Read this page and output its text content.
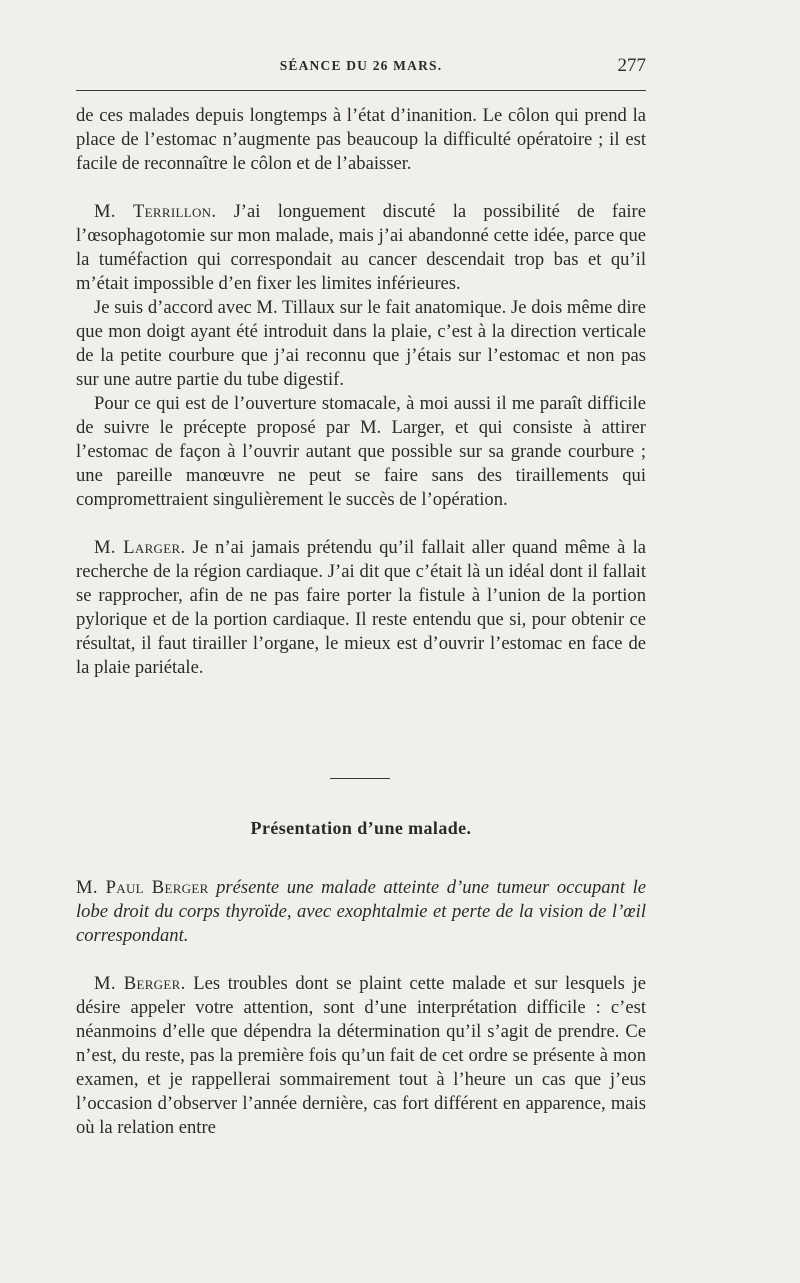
SÉANCE DU 26 MARS.	277

de ces malades depuis longtemps à l’état d’inanition. Le côlon qui prend la place de l’estomac n’augmente pas beaucoup la difficulté opératoire ; il est facile de reconnaître le côlon et de l’abaisser.

M. Terrillon. J’ai longuement discuté la possibilité de faire l’œsophagotomie sur mon malade, mais j’ai abandonné cette idée, parce que la tuméfaction qui correspondait au cancer descendait trop bas et qu’il m’était impossible d’en fixer les limites inférieures.

Je suis d’accord avec M. Tillaux sur le fait anatomique. Je dois même dire que mon doigt ayant été introduit dans la plaie, c’est à la direction verticale de la petite courbure que j’ai reconnu que j’étais sur l’estomac et non pas sur une autre partie du tube digestif.

Pour ce qui est de l’ouverture stomacale, à moi aussi il me paraît difficile de suivre le précepte proposé par M. Larger, et qui consiste à attirer l’estomac de façon à l’ouvrir autant que possible sur sa grande courbure ; une pareille manœuvre ne peut se faire sans des tiraillements qui compromettraient singulièrement le succès de l’opération.

M. Larger. Je n’ai jamais prétendu qu’il fallait aller quand même à la recherche de la région cardiaque. J’ai dit que c’était là un idéal dont il fallait se rapprocher, afin de ne pas faire porter la fistule à l’union de la portion pylorique et de la portion cardiaque. Il reste entendu que si, pour obtenir ce résultat, il faut tirailler l’organe, le mieux est d’ouvrir l’estomac en face de la plaie pariétale.

Présentation d’une malade.

M. Paul Berger présente une malade atteinte d’une tumeur occupant le lobe droit du corps thyroïde, avec exophtalmie et perte de la vision de l’œil correspondant.

M. Berger. Les troubles dont se plaint cette malade et sur lesquels je désire appeler votre attention, sont d’une interprétation difficile : c’est néanmoins d’elle que dépendra la détermination qu’il s’agit de prendre. Ce n’est, du reste, pas la première fois qu’un fait de cet ordre se présente à mon examen, et je rappellerai sommairement tout à l’heure un cas que j’eus l’occasion d’observer l’année dernière, cas fort différent en apparence, mais où la relation entre
